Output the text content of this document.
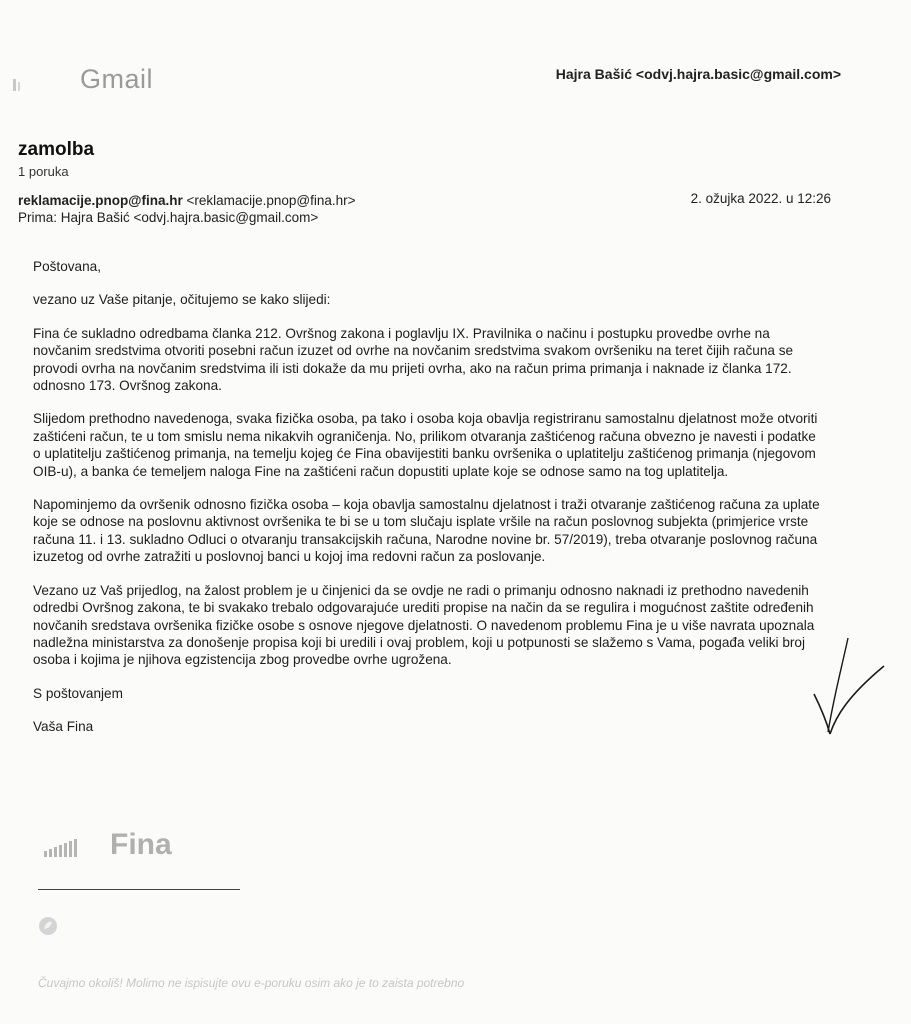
Gmail	Hajra Bašić <odvj.hajra.basic@gmail.com>
zamolba
1 poruka
reklamacije.pnop@fina.hr <reklamacije.pnop@fina.hr>	2. ožujka 2022. u 12:26
Prima: Hajra Bašić <odvj.hajra.basic@gmail.com>

Poštovana,

vezano uz Vaše pitanje, očitujemo se kako slijedi:

Fina će sukladno odredbama članka 212. Ovršnog zakona i poglavlju IX. Pravilnika o načinu i postupku provedbe ovrhe na novčanim sredstvima otvoriti posebni račun izuzet od ovrhe na novčanim sredstvima svakom ovršeniku na teret čijih računa se provodi ovrha na novčanim sredstvima ili isti dokaže da mu prijeti ovrha, ako na račun prima primanja i naknade iz članka 172. odnosno 173. Ovršnog zakona.

Slijedom prethodno navedenoga, svaka fizička osoba, pa tako i osoba koja obavlja registriranu samostalnu djelatnost može otvoriti zaštićeni račun, te u tom smislu nema nikakvih ograničenja. No, prilikom otvaranja zaštićenog računa obvezno je navesti i podatke o uplatitelju zaštićenog primanja, na temelju kojeg će Fina obavijestiti banku ovršenika o uplatitelju zaštićenog primanja (njegovom OIB-u), a banka će temeljem naloga Fine na zaštićeni račun dopustiti uplate koje se odnose samo na tog uplatitelja.

Napominjemo da ovršenik odnosno fizička osoba – koja obavlja samostalnu djelatnost i traži otvaranje zaštićenog računa za uplate koje se odnose na poslovnu aktivnost ovršenika te bi se u tom slučaju isplate vršile na račun poslovnog subjekta (primjerice vrste računa 11. i 13. sukladno Odluci o otvaranju transakcijskih računa, Narodne novine br. 57/2019), treba otvaranje poslovnog računa izuzetog od ovrhe zatražiti u poslovnoj banci u kojoj ima redovni račun za poslovanje.

Vezano uz Vaš prijedlog, na žalost problem je u činjenici da se ovdje ne radi o primanju odnosno naknadi iz prethodno navedenih odredbi Ovršnog zakona, te bi svakako trebalo odgovarajuće urediti propise na način da se regulira i mogućnost zaštite određenih novčanih sredstava ovršenika fizičke osobe s osnove njegove djelatnosti. O navedenom problemu Fina je u više navrata upoznala nadležna ministarstva za donošenje propisa koji bi uredili i ovaj problem, koji u potpunosti se slažemo s Vama, pogađa veliki broj osoba i kojima je njihova egzistencija zbog provedbe ovrhe ugrožena.

S poštovanjem

Vaša Fina

Fina
Čuvajmo okoliš! Molimo ne ispisujte ovu e-poruku osim ako je to zaista potrebno
